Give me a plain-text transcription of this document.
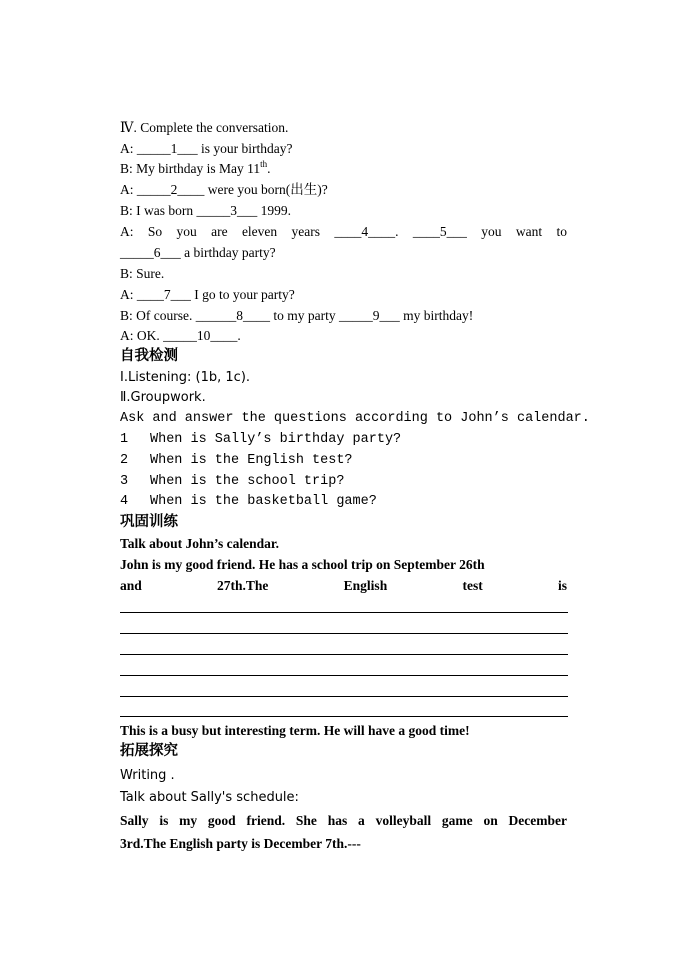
Ⅳ. Complete the conversation.
A: _____1___ is your birthday?
B: My birthday is May 11th.
A: _____2____ were you born(出生)?
B: I was born _____3___ 1999.
A: So you are eleven years ____4____. ____5___ you want to
_____6___ a birthday party?
B: Sure.
A: ____7___ I go to your party?
B: Of course. ______8____ to my party _____9___ my birthday!
A: OK. _____10____.
自我检测
Ⅰ.Listening: (1b, 1c).
Ⅱ.Groupwork.
Ask and answer the questions according to John’s calendar.
1 When is Sally’s birthday party?
2 When is the English test?
3 When is the school trip?
4 When is the basketball game?
巩固训练
Talk about John’s calendar.
John is my good friend. He has a school trip on September 26th
and	27th.The	English	test	is
This is a busy but interesting term. He will have a good time!
拓展探究
Writing .
Talk about Sally's schedule:
Sally is my good friend. She has a volleyball game on December
3rd.The English party is December 7th.---
